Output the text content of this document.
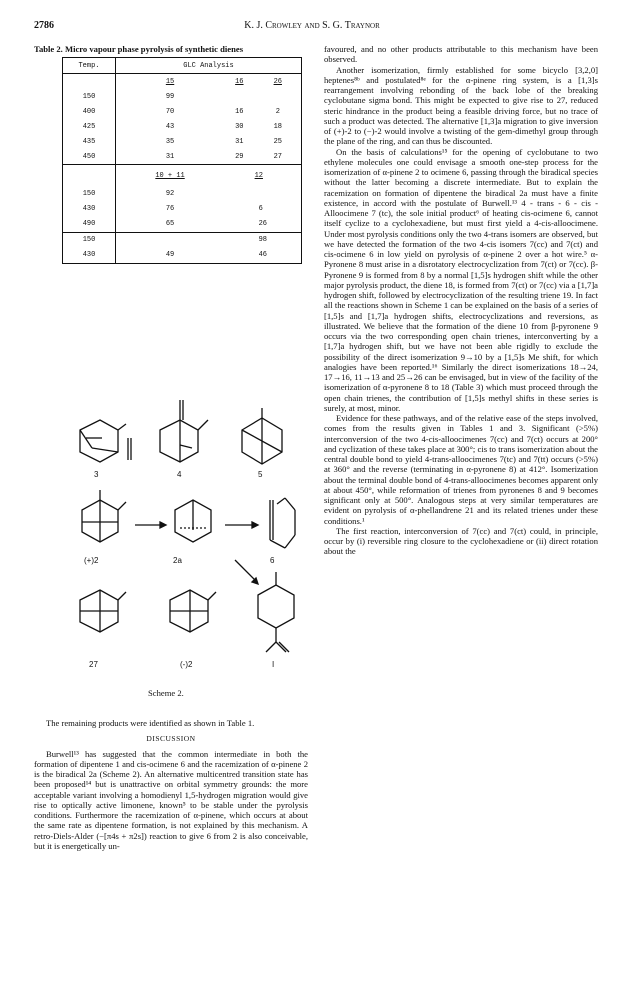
2786	K. J. Crowley and S. G. Traynor
Table 2. Micro vapour phase pyrolysis of synthetic dienes
Temp.	GLC Analysis		
	15	16	26
150	99		
400	70	16	2
425	43	30	18
435	35	31	25
450	31	29	27
	10 + 11		12
150	92		
430	76		6
490	65		26
150			98
430	49		46
3	4	5
(+)2	2a	6
27	(-)2	I
Scheme 2.

The remaining products were identified as shown in Table 1.

DISCUSSION

Burwell¹³ has suggested that the common intermediate in both the formation of dipentene 1 and cis-ocimene 6 and the racemization of α-pinene 2 is the biradical 2a (Scheme 2). An alternative multicentred transition state has been proposed¹⁴ but is unattractive on orbital symmetry grounds: the more acceptable variant involving a homodienyl 1,5-hydrogen migration would give rise to optically active limonene, known⁵ to be stable under the pyrolysis conditions. Furthermore the racemization of α-pinene, which occurs at about the same rate as dipentene formation, is not explained by this mechanism. A retro-Diels-Alder (−[π4s + π2s]) reaction to give 6 from 2 is also conceivable, but it is energetically un-

favoured, and no other products attributable to this mechanism have been observed.

Another isomerization, firmly established for some bicyclo [3,2,0] heptenes⁸ᵇ and postulated⁸ᵉ for the α-pinene ring system, is a [1,3]s rearrangement involving rebonding of the back lobe of the breaking cyclobutane sigma bond. This might be expected to give rise to 27, reduced steric hindrance in the product being a feasible driving force, but no trace of such a product was detected. The alternative [1,3]a migration to give inversion of (+)-2 to (−)-2 would involve a twisting of the gem-dimethyl group through the plane of the ring, and can thus be discounted.

On the basis of calculations¹⁵ for the opening of cyclobutane to two ethylene molecules one could envisage a smooth one-step process for the isomerization of α-pinene 2 to ocimene 6, passing through the biradical species without the latter becoming a discrete intermediate. But to explain the racemization on formation of dipentene the biradical 2a must have a finite existence, in accord with the postulate of Burwell.¹³ 4 - trans - 6 - cis - Alloocimene 7 (tc), the sole initial product⁶ of heating cis-ocimene 6, cannot itself cyclize to a cyclohexadiene, but must first yield a 4-cis-alloocimene. Under most pyrolysis conditions only the two 4-trans isomers are observed, but we have detected the formation of the two 4-cis isomers 7(cc) and 7(ct) and cis-ocimene 6 in low yield on pyrolysis of α-pinene 2 over a hot wire.⁵ α-Pyronene 8 must arise in a disrotatory electrocyclization from 7(ct) or 7(cc). β-Pyronene 9 is formed from 8 by a normal [1,5]s hydrogen shift while the other major pyrolysis product, the diene 18, is formed from 7(ct) or 7(cc) via a [1,7]a hydrogen shift, followed by electrocyclization of the resulting triene 19. In fact all the reactions shown in Scheme 1 can be explained on the basis of a series of [1,5]s and [1,7]a hydrogen shifts, electrocyclizations and reversions, as illustrated. We believe that the formation of the diene 10 from β-pyronene 9 occurs via the two corresponding open chain trienes, interconverting by a [1,7]a hydrogen shift, but we have not been able rigidly to exclude the possibility of the direct isomerization 9→10 by a [1,5]s Me shift, for which analogies have been reported.¹⁶ Similarly the direct isomerizations 18→24, 17→16, 11→13 and 25→26 can be envisaged, but in view of the facility of the isomerization of α-pyronene 8 to 18 (Table 3) which must proceed through the open chain trienes, the contribution of [1,5]s methyl shifts in these series is surely, at most, minor.

Evidence for these pathways, and of the relative ease of the steps involved, comes from the results given in Tables 1 and 3. Significant (>5%) interconversion of the two 4-cis-alloocimenes 7(cc) and 7(ct) occurs at 200° and cyclization of these takes place at 300°; cis to trans isomerization about the central double bond to yield 4-trans-alloocimenes 7(tc) and 7(tt) occurs (>5%) at 360° and the reverse (terminating in α-pyronene 8) at 412°. Isomerization about the terminal double bond of 4-trans-alloocimenes becomes apparent only at about 450°, while reformation of trienes from pyronenes 8 and 9 becomes significant only at 500°. Analogous steps at very similar temperatures are evident on pyrolysis of α-phellandrene 21 and its related trienes under these conditions.¹

The first reaction, interconversion of 7(cc) and 7(ct) could, in principle, occur by (i) reversible ring closure to the cyclohexadiene or (ii) direct rotation about the
